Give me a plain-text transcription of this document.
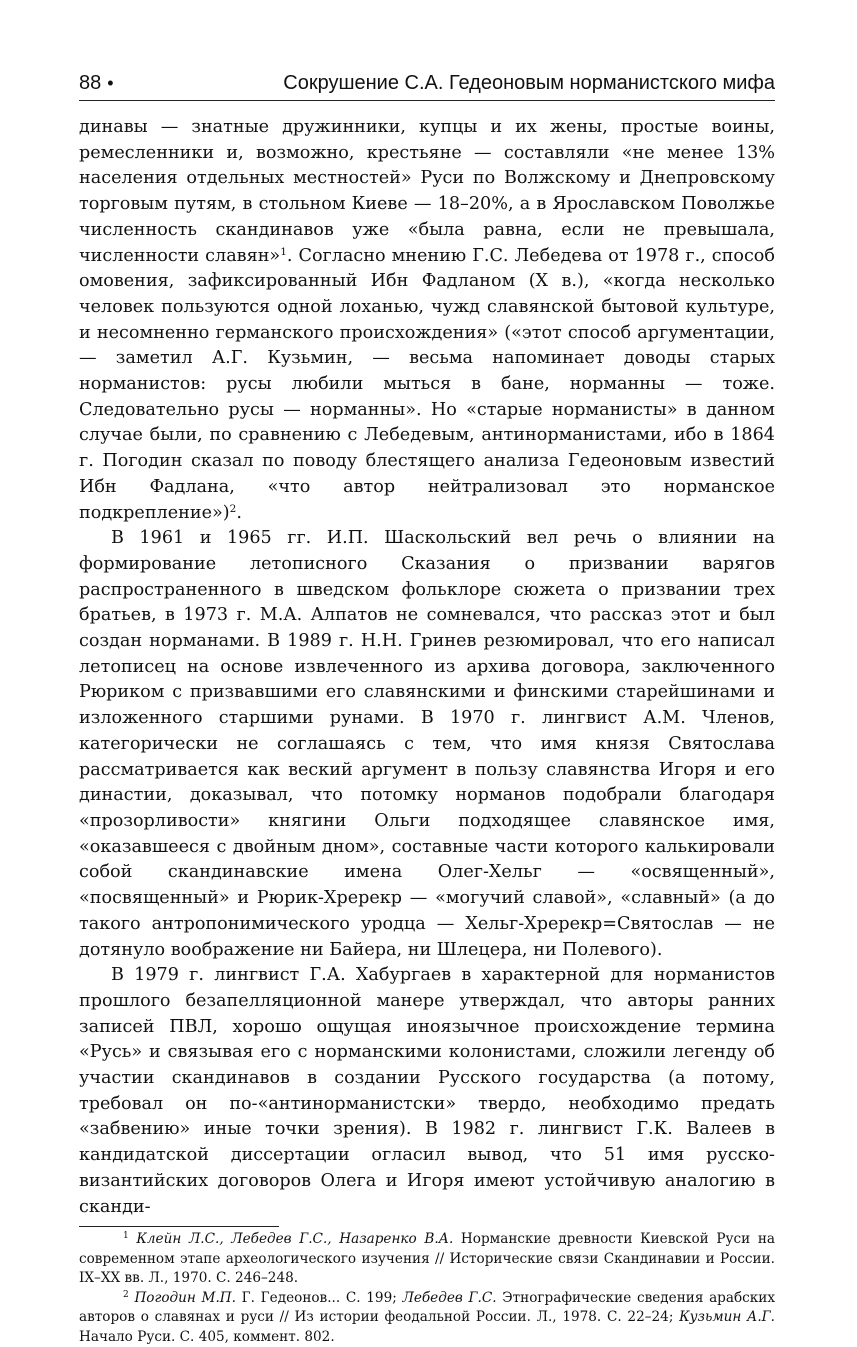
88 •	Сокрушение С.А. Гедеоновым норманистского мифа

динавы — знатные дружинники, купцы и их жены, простые воины, ремесленники и, возможно, крестьяне — составляли «не менее 13% населения отдельных местностей» Руси по Волжскому и Днепровскому торговым путям, в стольном Киеве — 18–20%, а в Ярославском Поволжье численность скандинавов уже «была равна, если не превышала, численности славян»$^1$. Согласно мнению Г.С. Лебедева от 1978 г., способ омовения, зафиксированный Ибн Фадланом (X в.), «когда несколько человек пользуются одной лоханью, чужд славянской бытовой культуре, и несомненно германского происхождения» («этот способ аргументации, — заметил А.Г. Кузьмин, — весьма напоминает доводы старых норманистов: русы любили мыться в бане, норманны — тоже. Следовательно русы — норманны». Но «старые норманисты» в данном случае были, по сравнению с Лебедевым, антинорманистами, ибо в 1864 г. Погодин сказал по поводу блестящего анализа Гедеоновым известий Ибн Фадлана, «что автор нейтрализовал это норманское подкрепление»)$^2$.

В 1961 и 1965 гг. И.П. Шаскольский вел речь о влиянии на формирование летописного Сказания о призвании варягов распространенного в шведском фольклоре сюжета о призвании трех братьев, в 1973 г. М.А. Алпатов не сомневался, что рассказ этот и был создан норманами. В 1989 г. Н.Н. Гринев резюмировал, что его написал летописец на основе извлеченного из архива договора, заключенного Рюриком с призвавшими его славянскими и финскими старейшинами и изложенного старшими рунами. В 1970 г. лингвист А.М. Членов, категорически не соглашаясь с тем, что имя князя Святослава рассматривается как веский аргумент в пользу славянства Игоря и его династии, доказывал, что потомку норманов подобрали благодаря «прозорливости» княгини Ольги подходящее славянское имя, «оказавшееся с двойным дном», составные части которого калькировали собой скандинавские имена Олег-Хельг — «освященный», «посвященный» и Рюрик-Хререкр — «могучий славой», «славный» (а до такого антропонимического уродца — Хельг-Хререкр=Святослав — не дотянуло воображение ни Байера, ни Шлецера, ни Полевого).

В 1979 г. лингвист Г.А. Хабургаев в характерной для норманистов прошлого безапелляционной манере утверждал, что авторы ранних записей ПВЛ, хорошо ощущая иноязычное происхождение термина «Русь» и связывая его с норманскими колонистами, сложили легенду об участии скандинавов в создании Русского государства (а потому, требовал он по-«антинорманистски» твердо, необходимо предать «забвению» иные точки зрения). В 1982 г. лингвист Г.К. Валеев в кандидатской диссертации огласил вывод, что 51 имя русско-византийских договоров Олега и Игоря имеют устойчивую аналогию в сканди-

$^1$ Клейн Л.С., Лебедев Г.С., Назаренко В.А. Норманские древности Киевской Руси на современном этапе археологического изучения // Исторические связи Скандинавии и России. IX–XX вв. Л., 1970. С. 246–248.

$^2$ Погодин М.П. Г. Гедеонов... С. 199; Лебедев Г.С. Этнографические сведения арабских авторов о славянах и руси // Из истории феодальной России. Л., 1978. С. 22–24; Кузьмин А.Г. Начало Руси. С. 405, коммент. 802.
